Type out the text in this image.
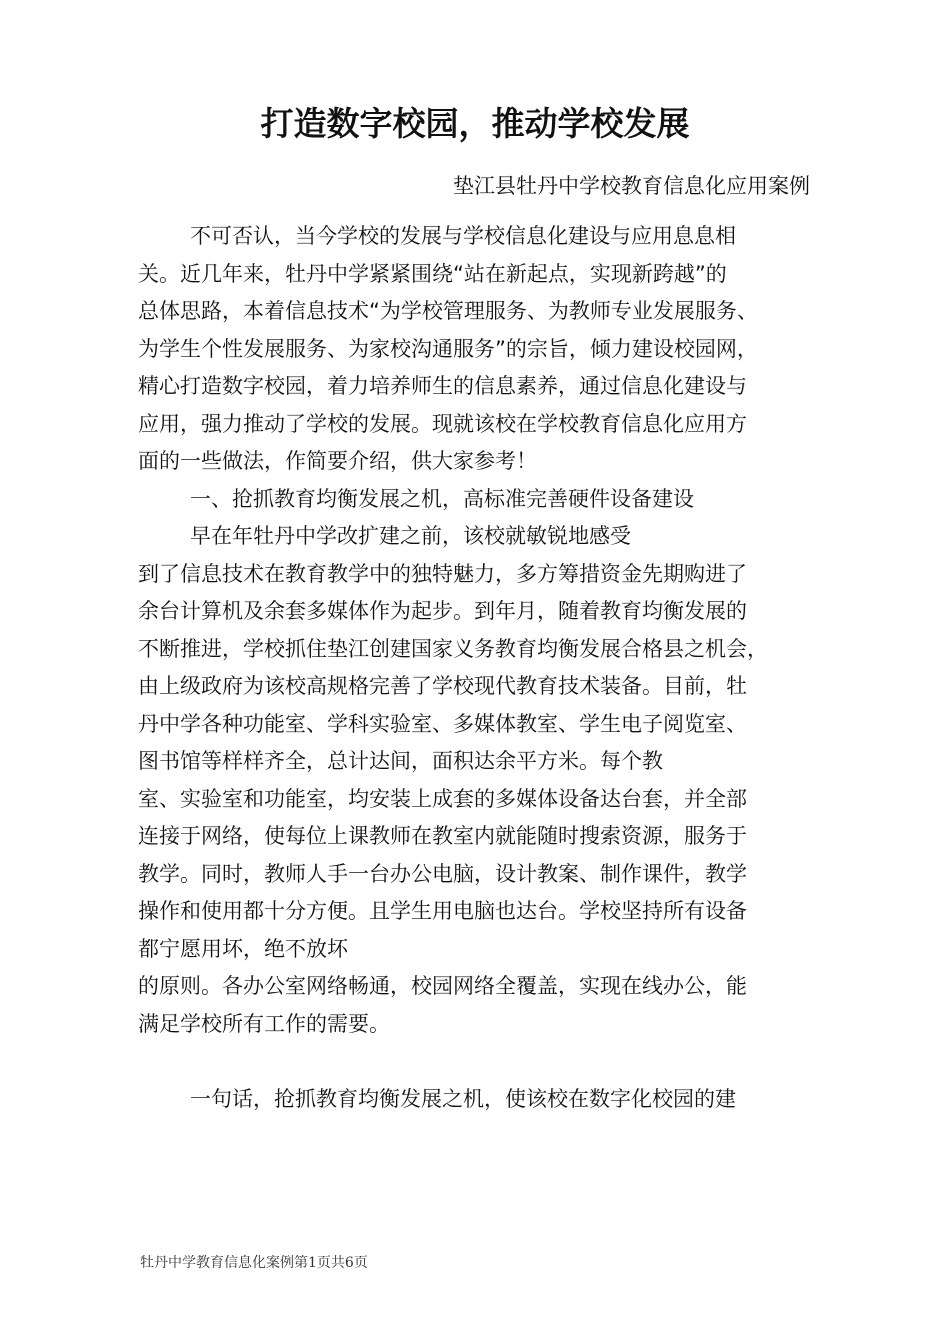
打造数字校园，推动学校发展

垫江县牡丹中学校教育信息化应用案例

不可否认，当今学校的发展与学校信息化建设与应用息息相
关。近几年来，牡丹中学紧紧围绕“站在新起点，实现新跨越”的
总体思路，本着信息技术“为学校管理服务、为教师专业发展服务、
为学生个性发展服务、为家校沟通服务”的宗旨，倾力建设校园网，
精心打造数字校园，着力培养师生的信息素养，通过信息化建设与
应用，强力推动了学校的发展。现就该校在学校教育信息化应用方
面的一些做法，作简要介绍，供大家参考！
一、抢抓教育均衡发展之机，高标准完善硬件设备建设
早在年牡丹中学改扩建之前，该校就敏锐地感受
到了信息技术在教育教学中的独特魅力，多方筹措资金先期购进了
余台计算机及余套多媒体作为起步。到年月，随着教育均衡发展的
不断推进，学校抓住垫江创建国家义务教育均衡发展合格县之机会，
由上级政府为该校高规格完善了学校现代教育技术装备。目前，牡
丹中学各种功能室、学科实验室、多媒体教室、学生电子阅览室、
图书馆等样样齐全，总计达间，面积达余平方米。每个教
室、实验室和功能室，均安装上成套的多媒体设备达台套，并全部
连接于网络，使每位上课教师在教室内就能随时搜索资源，服务于
教学。同时，教师人手一台办公电脑，设计教案、制作课件，教学
操作和使用都十分方便。且学生用电脑也达台。学校坚持所有设备
都宁愿用坏，绝不放坏
的原则。各办公室网络畅通，校园网络全覆盖，实现在线办公，能
满足学校所有工作的需要。
一句话，抢抓教育均衡发展之机，使该校在数字化校园的建
牡丹中学教育信息化案例第1页共6页
